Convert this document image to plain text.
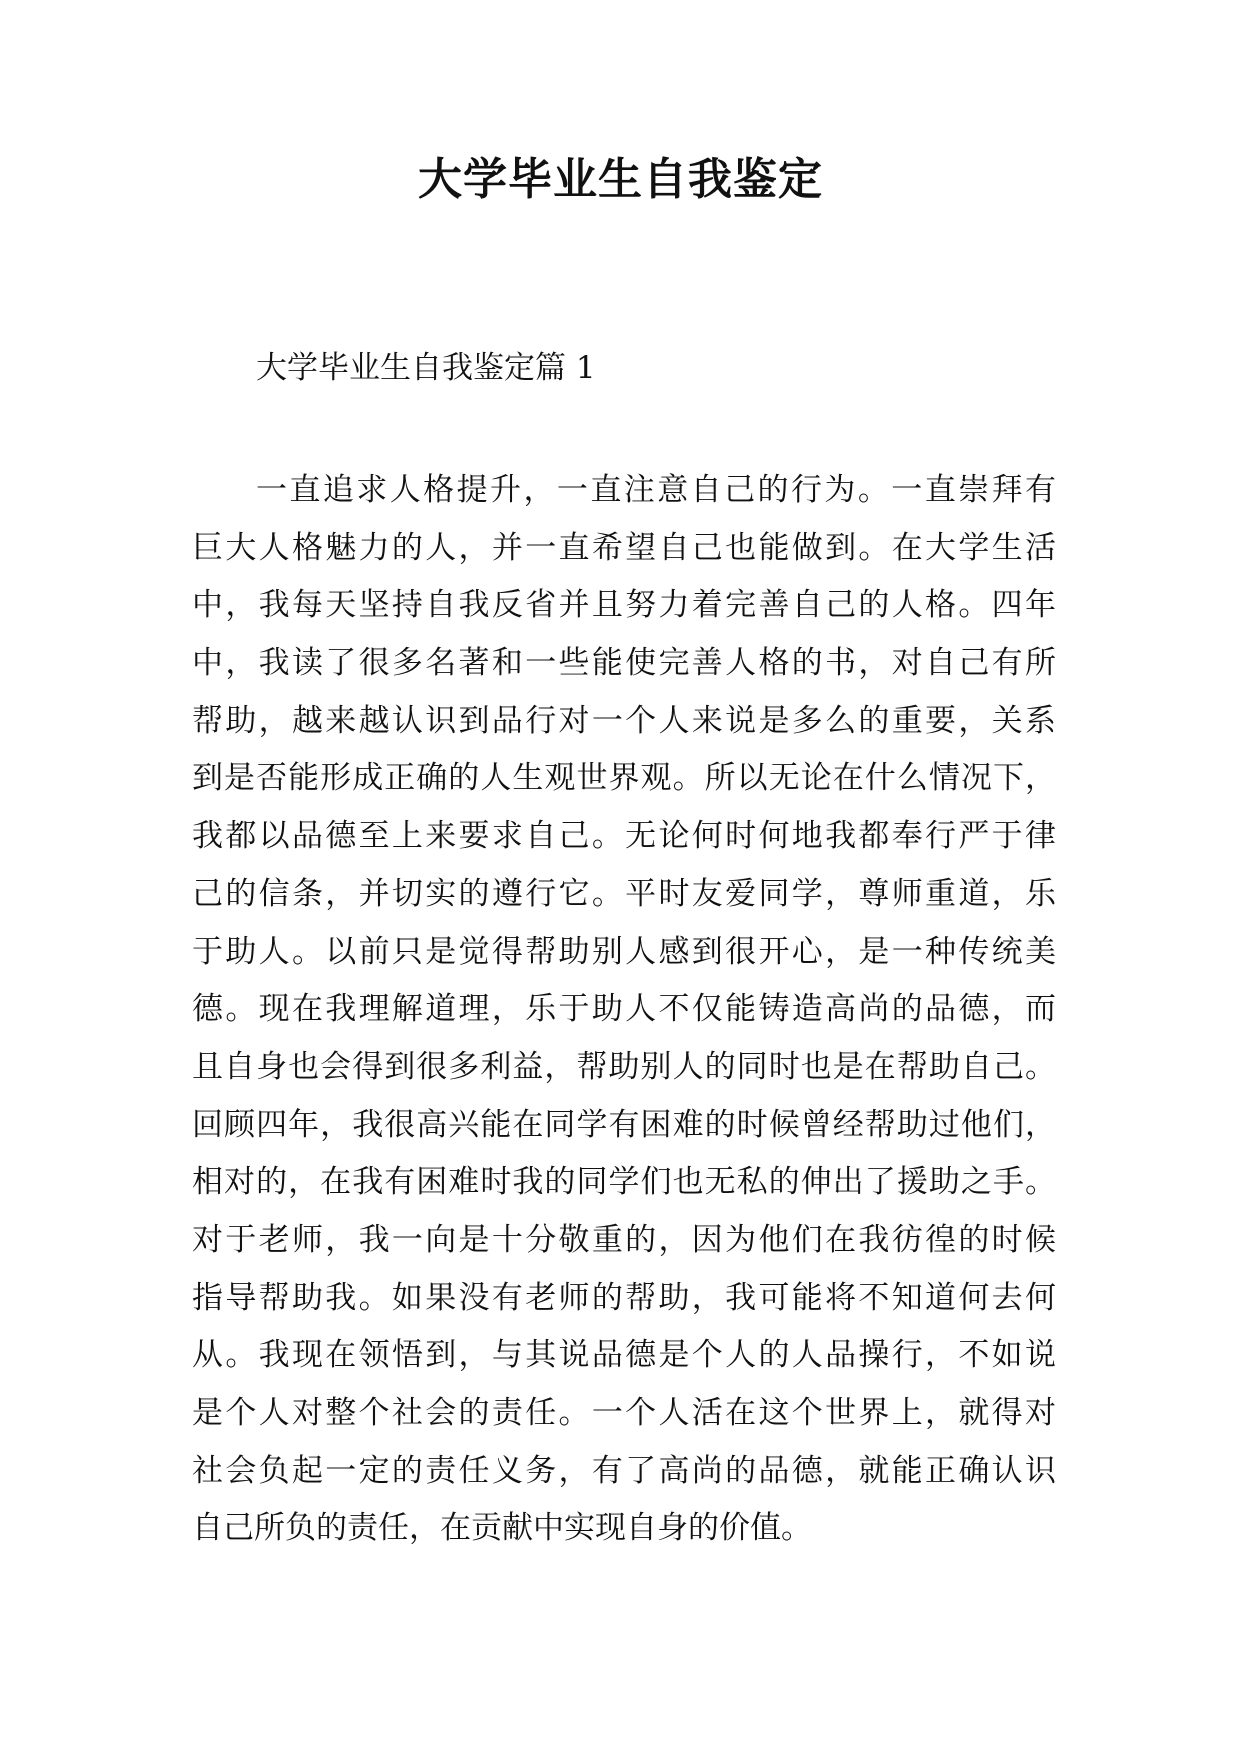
大学毕业生自我鉴定

大学毕业生自我鉴定篇 1

一直追求人格提升，一直注意自己的行为。一直崇拜有
巨大人格魅力的人，并一直希望自己也能做到。在大学生活
中，我每天坚持自我反省并且努力着完善自己的人格。四年
中，我读了很多名著和一些能使完善人格的书，对自己有所
帮助，越来越认识到品行对一个人来说是多么的重要，关系
到是否能形成正确的人生观世界观。所以无论在什么情况下，
我都以品德至上来要求自己。无论何时何地我都奉行严于律
己的信条，并切实的遵行它。平时友爱同学，尊师重道，乐
于助人。以前只是觉得帮助别人感到很开心，是一种传统美
德。现在我理解道理，乐于助人不仅能铸造高尚的品德，而
且自身也会得到很多利益，帮助别人的同时也是在帮助自己。
回顾四年，我很高兴能在同学有困难的时候曾经帮助过他们，
相对的，在我有困难时我的同学们也无私的伸出了援助之手。
对于老师，我一向是十分敬重的，因为他们在我彷徨的时候
指导帮助我。如果没有老师的帮助，我可能将不知道何去何
从。我现在领悟到，与其说品德是个人的人品操行，不如说
是个人对整个社会的责任。一个人活在这个世界上，就得对
社会负起一定的责任义务，有了高尚的品德，就能正确认识
自己所负的责任，在贡献中实现自身的价值。
